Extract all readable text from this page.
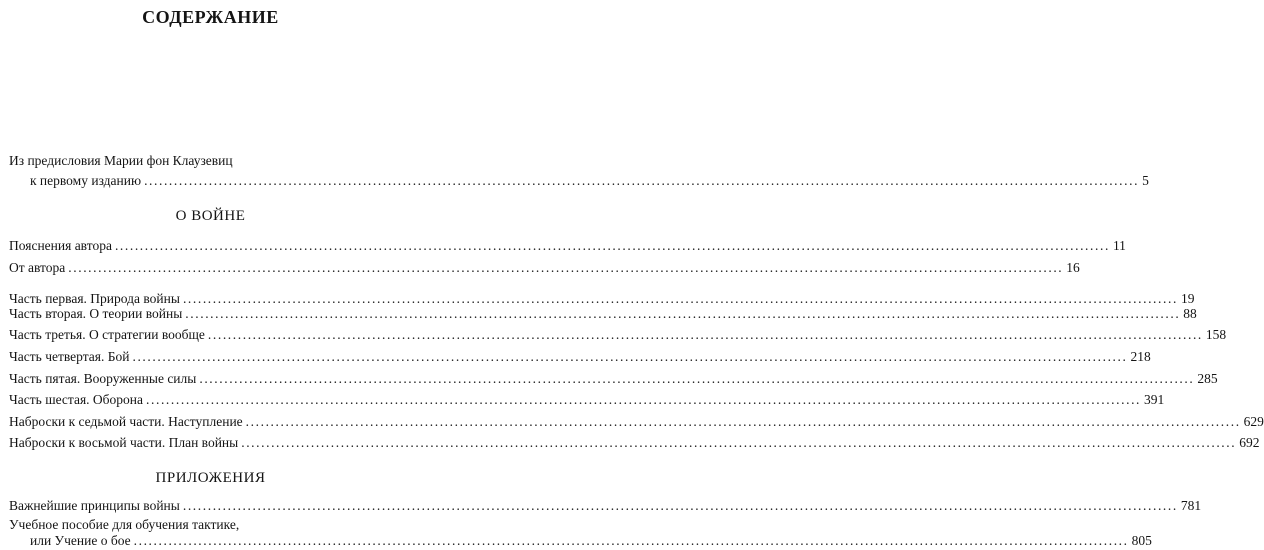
СОДЕРЖАНИЕ
Из предисловия Марии фон Клаузевиц
к первому изданию ........................................................................................................................................................................................................ 5
О ВОЙНЕ
Пояснения автора ........................................................................................................................................................................................................ 11
От автора ........................................................................................................................................................................................................ 16
Часть первая. Природа войны ........................................................................................................................................................................................................ 19
Часть вторая. О теории войны ........................................................................................................................................................................................................ 88
Часть третья. О стратегии вообще ........................................................................................................................................................................................................ 158
Часть четвертая. Бой ........................................................................................................................................................................................................ 218
Часть пятая. Вооруженные силы ........................................................................................................................................................................................................ 285
Часть шестая. Оборона ........................................................................................................................................................................................................ 391
Наброски к седьмой части. Наступление ........................................................................................................................................................................................................ 629
Наброски к восьмой части. План войны ........................................................................................................................................................................................................ 692
ПРИЛОЖЕНИЯ
Важнейшие принципы войны ........................................................................................................................................................................................................ 781
Учебное пособие для обучения тактике,
или Учение о бое ........................................................................................................................................................................................................ 805
